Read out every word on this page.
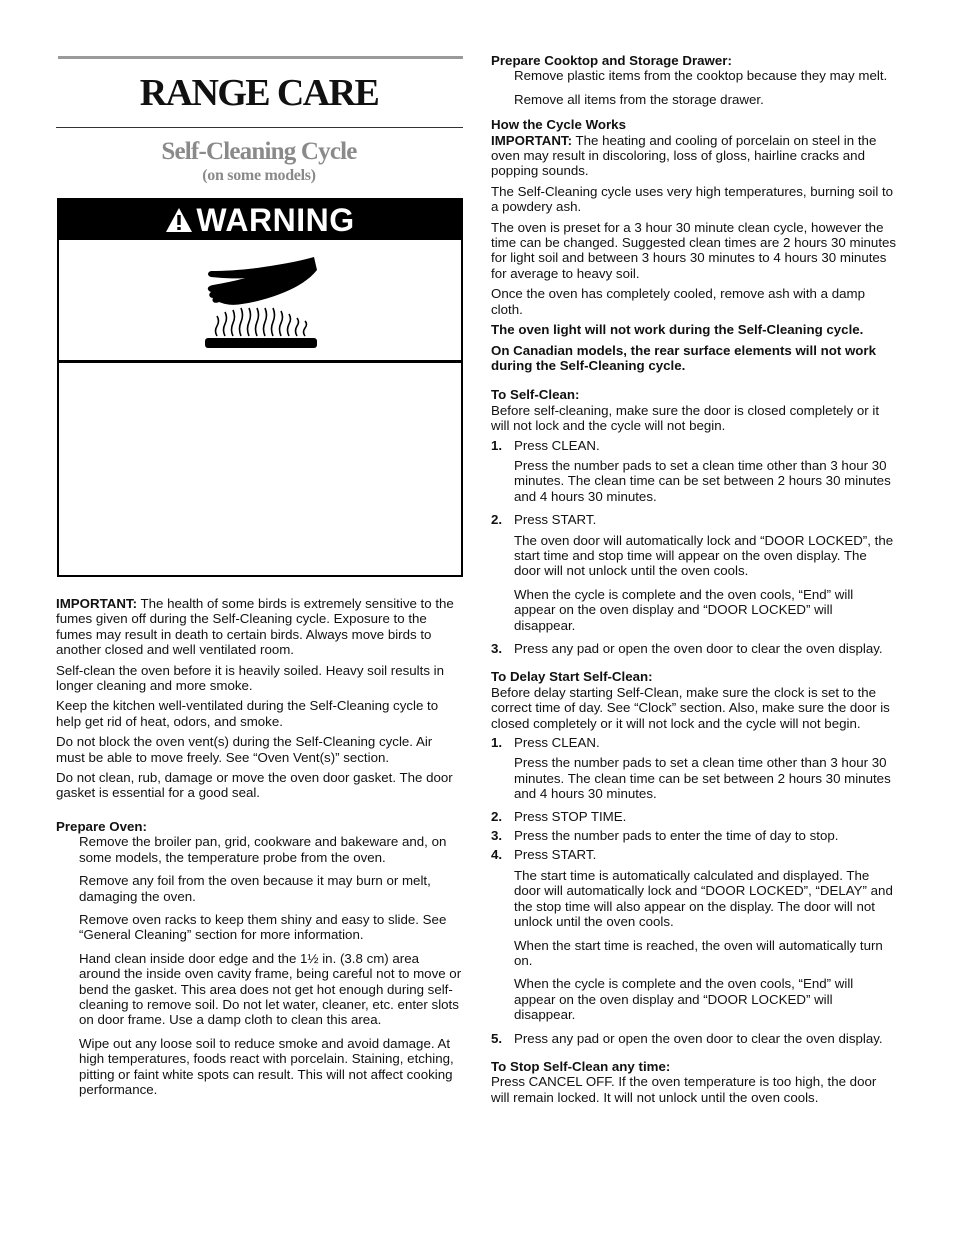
RANGE CARE
Self-Cleaning Cycle
(on some models)
WARNING

IMPORTANT: The health of some birds is extremely sensitive to the fumes given off during the Self-Cleaning cycle. Exposure to the fumes may result in death to certain birds. Always move birds to another closed and well ventilated room.

Self-clean the oven before it is heavily soiled. Heavy soil results in longer cleaning and more smoke.

Keep the kitchen well-ventilated during the Self-Cleaning cycle to help get rid of heat, odors, and smoke.

Do not block the oven vent(s) during the Self-Cleaning cycle. Air must be able to move freely. See “Oven Vent(s)” section.

Do not clean, rub, damage or move the oven door gasket. The door gasket is essential for a good seal.

Prepare Oven:

Remove the broiler pan, grid, cookware and bakeware and, on some models, the temperature probe from the oven.

Remove any foil from the oven because it may burn or melt, damaging the oven.

Remove oven racks to keep them shiny and easy to slide. See “General Cleaning” section for more information.

Hand clean inside door edge and the 1½ in. (3.8 cm) area around the inside oven cavity frame, being careful not to move or bend the gasket. This area does not get hot enough during self-cleaning to remove soil. Do not let water, cleaner, etc. enter slots on door frame. Use a damp cloth to clean this area.

Wipe out any loose soil to reduce smoke and avoid damage. At high temperatures, foods react with porcelain. Staining, etching, pitting or faint white spots can result. This will not affect cooking performance.

Prepare Cooktop and Storage Drawer:

Remove plastic items from the cooktop because they may melt.

Remove all items from the storage drawer.

How the Cycle Works

IMPORTANT: The heating and cooling of porcelain on steel in the oven may result in discoloring, loss of gloss, hairline cracks and popping sounds.

The Self-Cleaning cycle uses very high temperatures, burning soil to a powdery ash.

The oven is preset for a 3 hour 30 minute clean cycle, however the time can be changed. Suggested clean times are 2 hours 30 minutes for light soil and between 3 hours 30 minutes to 4 hours 30 minutes for average to heavy soil.

Once the oven has completely cooled, remove ash with a damp cloth.

The oven light will not work during the Self-Cleaning cycle.

On Canadian models, the rear surface elements will not work during the Self-Cleaning cycle.

To Self-Clean:

Before self-cleaning, make sure the door is closed completely or it will not lock and the cycle will not begin.

1. Press CLEAN.

Press the number pads to set a clean time other than 3 hour 30 minutes. The clean time can be set between 2 hours 30 minutes and 4 hours 30 minutes.

2. Press START.

The oven door will automatically lock and “DOOR LOCKED”, the start time and stop time will appear on the oven display. The door will not unlock until the oven cools.

When the cycle is complete and the oven cools, “End” will appear on the oven display and “DOOR LOCKED” will disappear.

3. Press any pad or open the oven door to clear the oven display.

To Delay Start Self-Clean:

Before delay starting Self-Clean, make sure the clock is set to the correct time of day. See “Clock” section. Also, make sure the door is closed completely or it will not lock and the cycle will not begin.

1. Press CLEAN.

Press the number pads to set a clean time other than 3 hour 30 minutes. The clean time can be set between 2 hours 30 minutes and 4 hours 30 minutes.

2. Press STOP TIME.
3. Press the number pads to enter the time of day to stop.
4. Press START.

The start time is automatically calculated and displayed. The door will automatically lock and “DOOR LOCKED”, “DELAY” and the stop time will also appear on the display. The door will not unlock until the oven cools.

When the start time is reached, the oven will automatically turn on.

When the cycle is complete and the oven cools, “End” will appear on the oven display and “DOOR LOCKED” will disappear.

5. Press any pad or open the oven door to clear the oven display.

To Stop Self-Clean any time:

Press CANCEL OFF. If the oven temperature is too high, the door will remain locked. It will not unlock until the oven cools.
